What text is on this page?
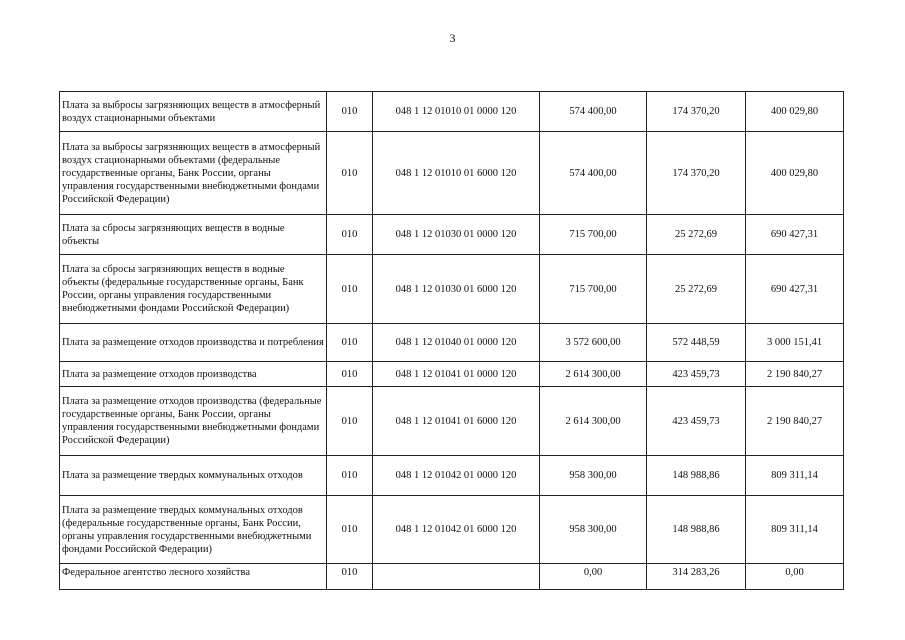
3
Плата за выбросы загрязняющих веществ в атмосферный воздух стационарными объектами	010	048 1 12 01010 01 0000 120	574 400,00	174 370,20	400 029,80
Плата за выбросы загрязняющих веществ в атмосферный воздух стационарными объектами (федеральные государственные органы, Банк России, органы управления государственными внебюджетными фондами Российской Федерации)	010	048 1 12 01010 01 6000 120	574 400,00	174 370,20	400 029,80
Плата за сбросы загрязняющих веществ в водные объекты	010	048 1 12 01030 01 0000 120	715 700,00	25 272,69	690 427,31
Плата за сбросы загрязняющих веществ в водные объекты (федеральные государственные органы, Банк России, органы управления государственными внебюджетными фондами Российской Федерации)	010	048 1 12 01030 01 6000 120	715 700,00	25 272,69	690 427,31
Плата за размещение отходов производства и потребления	010	048 1 12 01040 01 0000 120	3 572 600,00	572 448,59	3 000 151,41
Плата за размещение отходов производства	010	048 1 12 01041 01 0000 120	2 614 300,00	423 459,73	2 190 840,27
Плата за размещение отходов производства (федеральные государственные органы, Банк России, органы управления государственными внебюджетными фондами Российской Федерации)	010	048 1 12 01041 01 6000 120	2 614 300,00	423 459,73	2 190 840,27
Плата за размещение твердых коммунальных отходов	010	048 1 12 01042 01 0000 120	958 300,00	148 988,86	809 311,14
Плата за размещение твердых коммунальных отходов (федеральные государственные органы, Банк России, органы управления государственными внебюджетными фондами Российской Федерации)	010	048 1 12 01042 01 6000 120	958 300,00	148 988,86	809 311,14
Федеральное агентство лесного хозяйства	010		0,00	314 283,26	0,00
